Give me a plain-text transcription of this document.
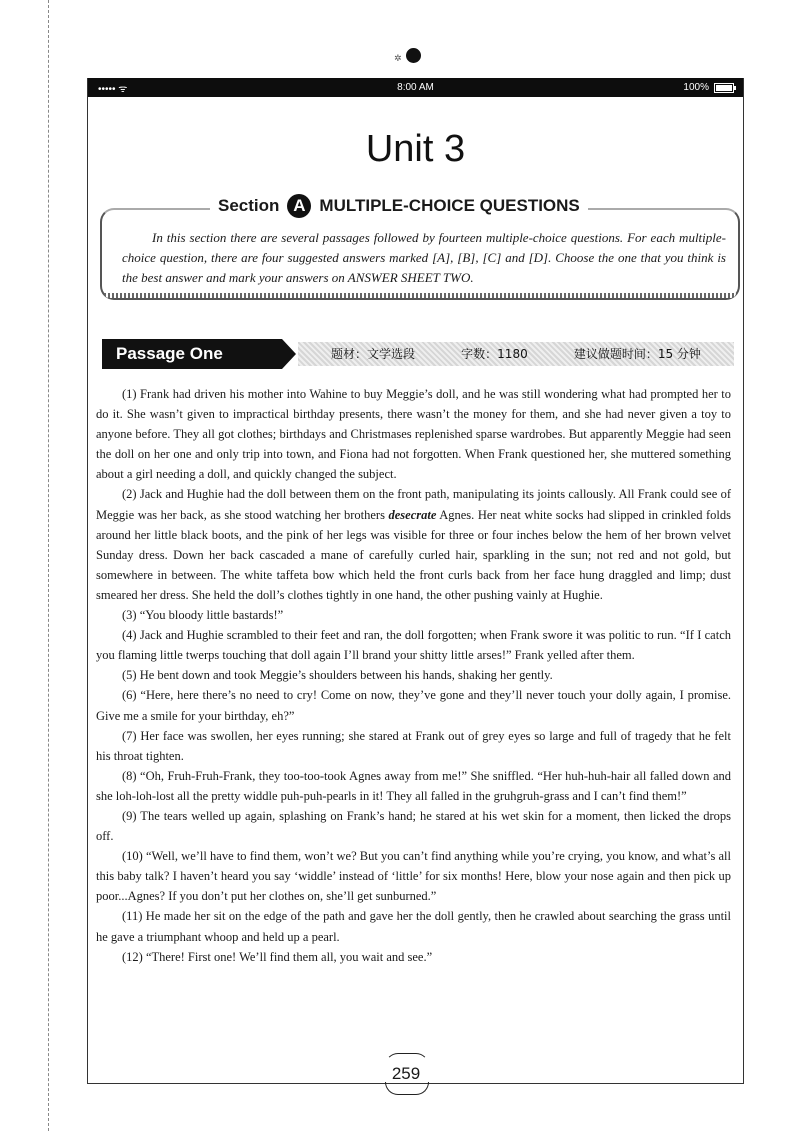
✲
••••• ᯤ	8:00 AM	100%
Unit 3
Section A MULTIPLE-CHOICE QUESTIONS
In this section there are several passages followed by fourteen multiple-choice questions. For each multiple-choice question, there are four suggested answers marked [A], [B], [C] and [D]. Choose the one that you think is the best answer and mark your answers on ANSWER SHEET TWO.
Passage One	题材：文学选段	字数：1180	建议做题时间：15 分钟

(1) Frank had driven his mother into Wahine to buy Meggie’s doll, and he was still wondering what had prompted her to do it. She wasn’t given to impractical birthday presents, there wasn’t the money for them, and she had never given a toy to anyone before. They all got clothes; birthdays and Christmases replenished sparse wardrobes. But apparently Meggie had seen the doll on her one and only trip into town, and Fiona had not forgotten. When Frank questioned her, she muttered something about a girl needing a doll, and quickly changed the subject.

(2) Jack and Hughie had the doll between them on the front path, manipulating its joints callously. All Frank could see of Meggie was her back, as she stood watching her brothers desecrate Agnes. Her neat white socks had slipped in crinkled folds around her little black boots, and the pink of her legs was visible for three or four inches below the hem of her brown velvet Sunday dress. Down her back cascaded a mane of carefully curled hair, sparkling in the sun; not red and not gold, but somewhere in between. The white taffeta bow which held the front curls back from her face hung draggled and limp; dust smeared her dress. She held the doll’s clothes tightly in one hand, the other pushing vainly at Hughie.

(3) “You bloody little bastards!”

(4) Jack and Hughie scrambled to their feet and ran, the doll forgotten; when Frank swore it was politic to run. “If I catch you flaming little twerps touching that doll again I’ll brand your shitty little arses!” Frank yelled after them.

(5) He bent down and took Meggie’s shoulders between his hands, shaking her gently.

(6) “Here, here there’s no need to cry! Come on now, they’ve gone and they’ll never touch your dolly again, I promise. Give me a smile for your birthday, eh?”

(7) Her face was swollen, her eyes running; she stared at Frank out of grey eyes so large and full of tragedy that he felt his throat tighten.

(8) “Oh, Fruh-Fruh-Frank, they too-too-took Agnes away from me!” She sniffled. “Her huh-huh-hair all falled down and she loh-loh-lost all the pretty widdle puh-puh-pearls in it! They all falled in the gruhgruh-grass and I can’t find them!”

(9) The tears welled up again, splashing on Frank’s hand; he stared at his wet skin for a moment, then licked the drops off.

(10) “Well, we’ll have to find them, won’t we? But you can’t find anything while you’re crying, you know, and what’s all this baby talk? I haven’t heard you say ‘widdle’ instead of ‘little’ for six months! Here, blow your nose again and then pick up poor...Agnes? If you don’t put her clothes on, she’ll get sunburned.”

(11) He made her sit on the edge of the path and gave her the doll gently, then he crawled about searching the grass until he gave a triumphant whoop and held up a pearl.

(12) “There! First one! We’ll find them all, you wait and see.”

259
